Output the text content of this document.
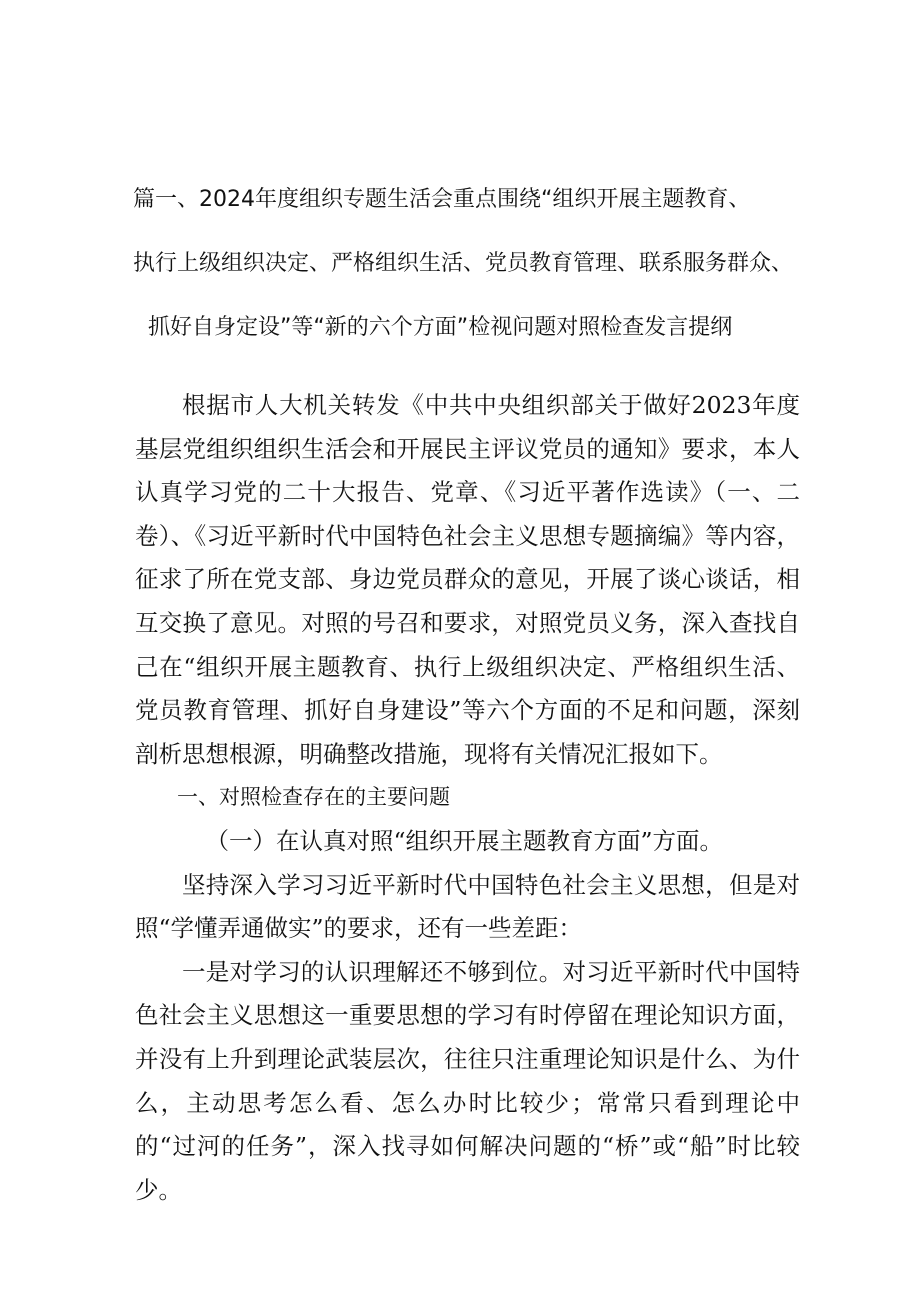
篇一、2024年度组织专题生活会重点围绕“组织开展主题教育、
执行上级组织决定、严格组织生活、党员教育管理、联系服务群众、
抓好自身定设”等“新的六个方面”检视问题对照检查发言提纲

根据市人大机关转发《中共中央组织部关于做好2023年度基层党组织组织生活会和开展民主评议党员的通知》要求，本人认真学习党的二十大报告、党章、《习近平著作选读》（一、二卷）、《习近平新时代中国特色社会主义思想专题摘编》等内容，征求了所在党支部、身边党员群众的意见，开展了谈心谈话，相互交换了意见。对照的号召和要求，对照党员义务，深入查找自己在“组织开展主题教育、执行上级组织决定、严格组织生活、党员教育管理、抓好自身建设”等六个方面的不足和问题，深刻剖析思想根源，明确整改措施，现将有关情况汇报如下。

一、对照检查存在的主要问题

（一）在认真对照“组织开展主题教育方面”方面。

坚持深入学习习近平新时代中国特色社会主义思想，但是对照“学懂弄通做实”的要求，还有一些差距：

一是对学习的认识理解还不够到位。对习近平新时代中国特色社会主义思想这一重要思想的学习有时停留在理论知识方面，并没有上升到理论武装层次，往往只注重理论知识是什么、为什么，主动思考怎么看、怎么办时比较少；常常只看到理论中的“过河的任务”，深入找寻如何解决问题的“桥”或“船”时比较少。
